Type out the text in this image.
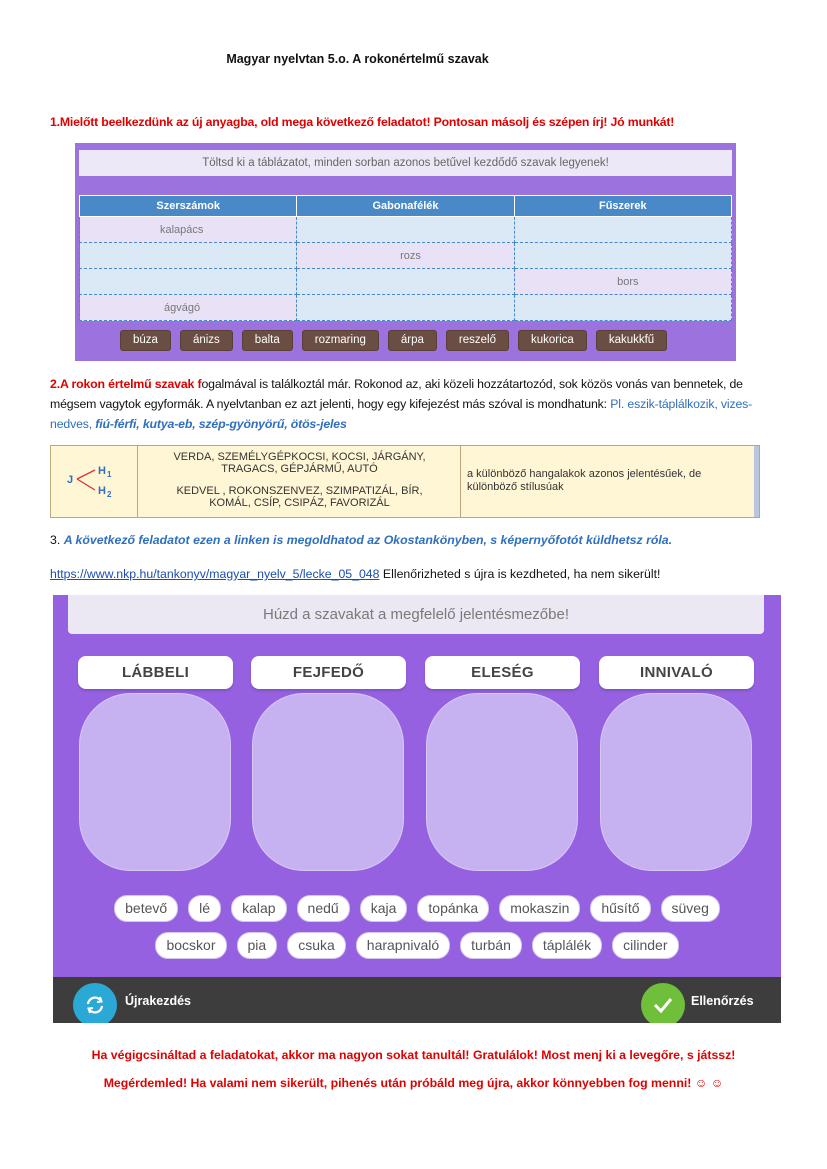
Magyar nyelvtan 5.o. A rokonértelmű szavak
1.Mielőtt beelkezdünk az új anyagba, old mega következő feladatot! Pontosan másolj és szépen írj! Jó munkát!
Töltsd ki a táblázatot, minden sorban azonos betűvel kezdődő szavak legyenek!
Szerszámok	Gabonafélék	Fűszerek
kalapács		
	rozs	
		bors
ágvágó		
búza	ánizs	balta	rozmaring	árpa	reszelő	kukorica	kakukkfű
2.A rokon értelmű szavak fogalmával is találkoztál már. Rokonod az, aki közeli hozzátartozód, sok közös vonás van bennetek, de mégsem vagytok egyformák. A nyelvtanban ez azt jelenti, hogy egy kifejezést más szóval is mondhatunk: Pl. eszik-táplálkozik, vizes-nedves, fiú-férfi, kutya-eb, szép-gyönyörű, ötös-jeles
J
H 1
H 2
VERDA, SZEMÉLYGÉPKOCSI, KOCSI, JÁRGÁNY,
TRAGACS, GÉPJÁRMŰ, AUTÓ
KEDVEL , ROKONSZENVEZ, SZIMPATIZÁL, BÍR,
KOMÁL, CSÍP, CSIPÁZ, FAVORIZÁL
a különböző hangalakok azonos jelentésűek, de különböző stílusúak
3. A következő feladatot ezen a linken is megoldhatod az Okostankönyben, s képernyőfotót küldhetsz róla.
https://www.nkp.hu/tankonyv/magyar_nyelv_5/lecke_05_048 Ellenőrizheted s újra is kezdheted, ha nem sikerült!
Húzd a szavakat a megfelelő jelentésmezőbe!
LÁBBELI	FEJFEDŐ	ELESÉG	INNIVALÓ
betevő	lé	kalap	nedű	kaja	topánka	mokaszin	hűsítő	süveg
bocskor	pia	csuka	harapnivaló	turbán	táplálék	cilinder
Újrakezdés	Ellenőrzés
Ha végigcsináltad a feladatokat, akkor ma nagyon sokat tanultál! Gratulálok! Most menj ki a levegőre, s játssz!
Megérdemled! Ha valami nem sikerült, pihenés után próbáld meg újra, akkor könnyebben fog menni! ☺ ☺
